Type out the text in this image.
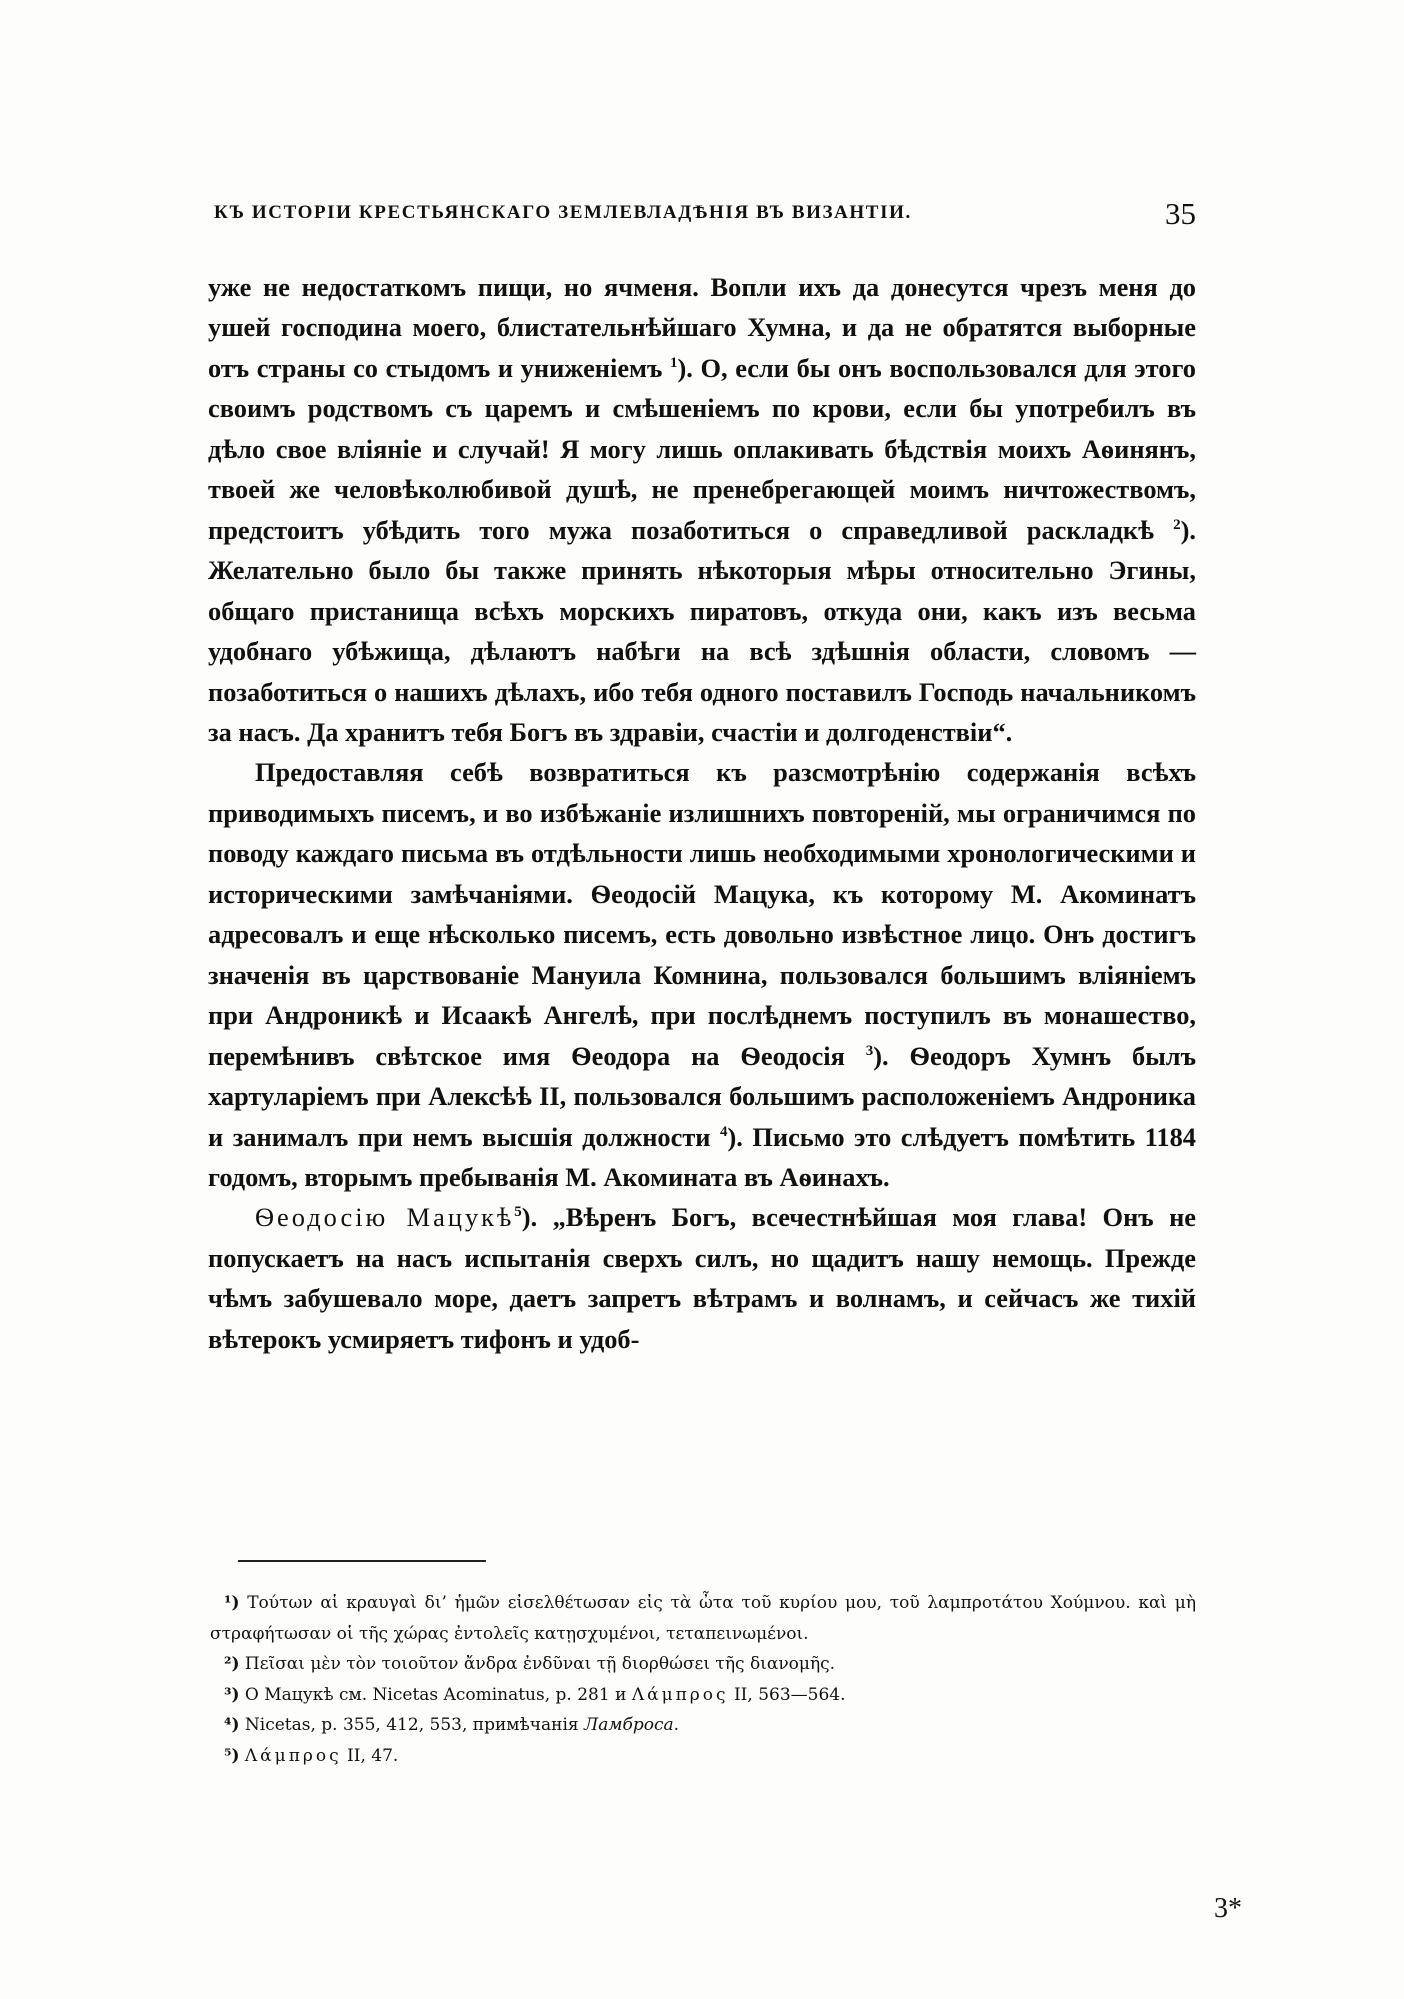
КЪ ИСТОРІИ КРЕСТЬЯНСКАГО ЗЕМЛЕВЛАДѢНІЯ ВЪ ВИЗАНТІИ.	35

уже не недостаткомъ пищи, но ячменя. Вопли ихъ да донесутся чрезъ меня до ушей господина моего, блистательнѣйшаго Хумна, и да не обратятся выборные отъ страны со стыдомъ и униженіемъ $^1$). О, если бы онъ воспользовался для этого своимъ родствомъ съ царемъ и смѣшеніемъ по крови, если бы употребилъ въ дѣло свое вліяніе и случай! Я могу лишь оплакивать бѣдствія моихъ Аѳинянъ, твоей же человѣколюбивой душѣ, не пренебрегающей моимъ ничтожествомъ, предстоитъ убѣдить того мужа позаботиться о справедливой раскладкѣ $^2$). Желательно было бы также принять нѣкоторыя мѣры относительно Эгины, общаго пристанища всѣхъ морскихъ пиратовъ, откуда они, какъ изъ весьма удобнаго убѣжища, дѣлаютъ набѣги на всѣ здѣшнія области, словомъ — позаботиться о нашихъ дѣлахъ, ибо тебя одного поставилъ Господь начальникомъ за насъ. Да хранитъ тебя Богъ въ здравіи, счастіи и долгоденствіи“.

Предоставляя себѣ возвратиться къ разсмотрѣнію содержанія всѣхъ приводимыхъ писемъ, и во избѣжаніе излишнихъ повтореній, мы ограничимся по поводу каждаго письма въ отдѣльности лишь необходимыми хронологическими и историческими замѣчаніями. Ѳеодосій Мацука, къ которому М. Акоминатъ адресовалъ и еще нѣсколько писемъ, есть довольно извѣстное лицо. Онъ достигъ значенія въ царствованіе Мануила Комнина, пользовался большимъ вліяніемъ при Андроникѣ и Исаакѣ Ангелѣ, при послѣднемъ поступилъ въ монашество, перемѣнивъ свѣтское имя Ѳеодора на Ѳеодосія $^3$). Ѳеодоръ Хумнъ былъ хартуларіемъ при Алексѣѣ II, пользовался большимъ расположеніемъ Андроника и занималъ при немъ высшія должности $^4$). Письмо это слѣдуетъ помѣтить 1184 годомъ, вторымъ пребыванія М. Акомината въ Аѳинахъ.

Ѳеодосію Мацукѣ$^5$). „Вѣренъ Богъ, всечестнѣйшая моя глава! Онъ не попускаетъ на насъ испытанія сверхъ силъ, но щадитъ нашу немощь. Прежде чѣмъ забушевало море, даетъ запретъ вѣтрамъ и волнамъ, и сейчасъ же тихій вѣтерокъ усмиряетъ тифонъ и удоб-

¹) Τούτων αἱ κραυγαὶ δι’ ἡμῶν εἰσελθέτωσαν εἰς τὰ ὦτα τοῦ κυρίου μου, τοῦ λαμπροτάτου Χούμνου. καὶ μὴ στραφήτωσαν οἱ τῆς χώρας ἐντολεῖς κατῃσχυμένοι, τεταπεινωμένοι.

²) Πεῖσαι μὲν τὸν τοιοῦτον ἄνδρα ἐνδῦναι τῇ διορθώσει τῆς διανομῆς.

³) О Мацукѣ см. Nicetas Acominatus, p. 281 и Λάμπρος II, 563—564.

⁴) Nicetas, p. 355, 412, 553, примѣчанія Ламброса.

⁵) Λάμπρος II, 47.

3*
